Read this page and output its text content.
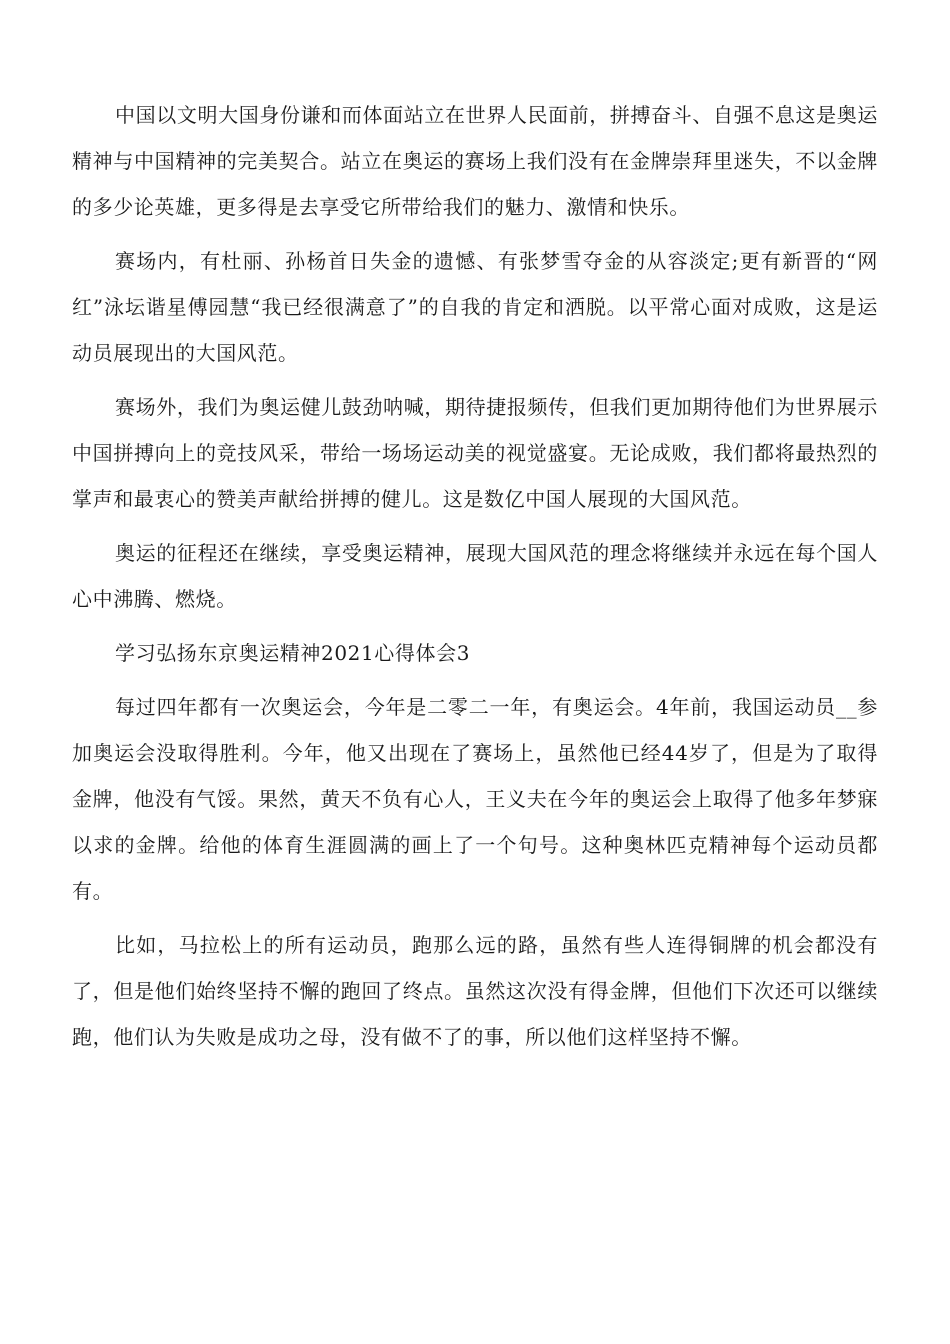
中国以文明大国身份谦和而体面站立在世界人民面前，拼搏奋斗、自强不息这是奥运精神与中国精神的完美契合。站立在奥运的赛场上我们没有在金牌崇拜里迷失，不以金牌的多少论英雄，更多得是去享受它所带给我们的魅力、激情和快乐。

赛场内，有杜丽、孙杨首日失金的遗憾、有张梦雪夺金的从容淡定;更有新晋的“网红”泳坛谐星傅园慧“我已经很满意了”的自我的肯定和洒脱。以平常心面对成败，这是运动员展现出的大国风范。

赛场外，我们为奥运健儿鼓劲呐喊，期待捷报频传，但我们更加期待他们为世界展示中国拼搏向上的竞技风采，带给一场场运动美的视觉盛宴。无论成败，我们都将最热烈的掌声和最衷心的赞美声献给拼搏的健儿。这是数亿中国人展现的大国风范。

奥运的征程还在继续，享受奥运精神，展现大国风范的理念将继续并永远在每个国人心中沸腾、燃烧。

学习弘扬东京奥运精神2021心得体会3

每过四年都有一次奥运会，今年是二零二一年，有奥运会。4年前，我国运动员__参加奥运会没取得胜利。今年，他又出现在了赛场上，虽然他已经44岁了，但是为了取得金牌，他没有气馁。果然，黄天不负有心人，王义夫在今年的奥运会上取得了他多年梦寐以求的金牌。给他的体育生涯圆满的画上了一个句号。这种奥林匹克精神每个运动员都有。

比如，马拉松上的所有运动员，跑那么远的路，虽然有些人连得铜牌的机会都没有了，但是他们始终坚持不懈的跑回了终点。虽然这次没有得金牌，但他们下次还可以继续跑，他们认为失败是成功之母，没有做不了的事，所以他们这样坚持不懈。
